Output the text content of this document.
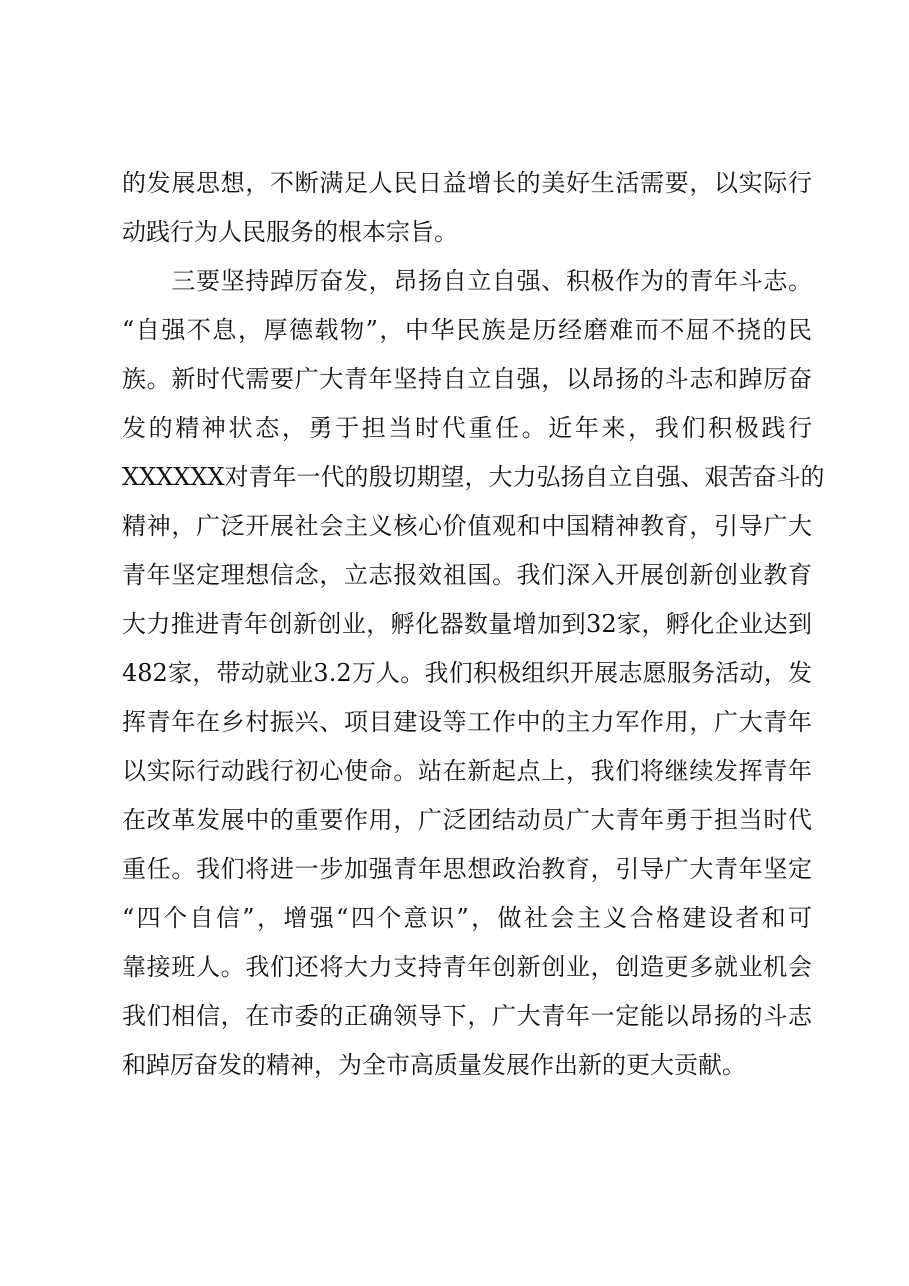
的发展思想，不断满足人民日益增长的美好生活需要，以实际行
动践行为人民服务的根本宗旨。
　　三要坚持踔厉奋发，昂扬自立自强、积极作为的青年斗志。
“自强不息，厚德载物”，中华民族是历经磨难而不屈不挠的民
族。新时代需要广大青年坚持自立自强，以昂扬的斗志和踔厉奋
发的精神状态，勇于担当时代重任。近年来，我们积极践行
XXXXXX对青年一代的殷切期望，大力弘扬自立自强、艰苦奋斗的
精神，广泛开展社会主义核心价值观和中国精神教育，引导广大
青年坚定理想信念，立志报效祖国。我们深入开展创新创业教育
大力推进青年创新创业，孵化器数量增加到32家，孵化企业达到
482家，带动就业3.2万人。我们积极组织开展志愿服务活动，发
挥青年在乡村振兴、项目建设等工作中的主力军作用，广大青年
以实际行动践行初心使命。站在新起点上，我们将继续发挥青年
在改革发展中的重要作用，广泛团结动员广大青年勇于担当时代
重任。我们将进一步加强青年思想政治教育，引导广大青年坚定
“四个自信”，增强“四个意识”，做社会主义合格建设者和可
靠接班人。我们还将大力支持青年创新创业，创造更多就业机会
我们相信，在市委的正确领导下，广大青年一定能以昂扬的斗志
和踔厉奋发的精神，为全市高质量发展作出新的更大贡献。
